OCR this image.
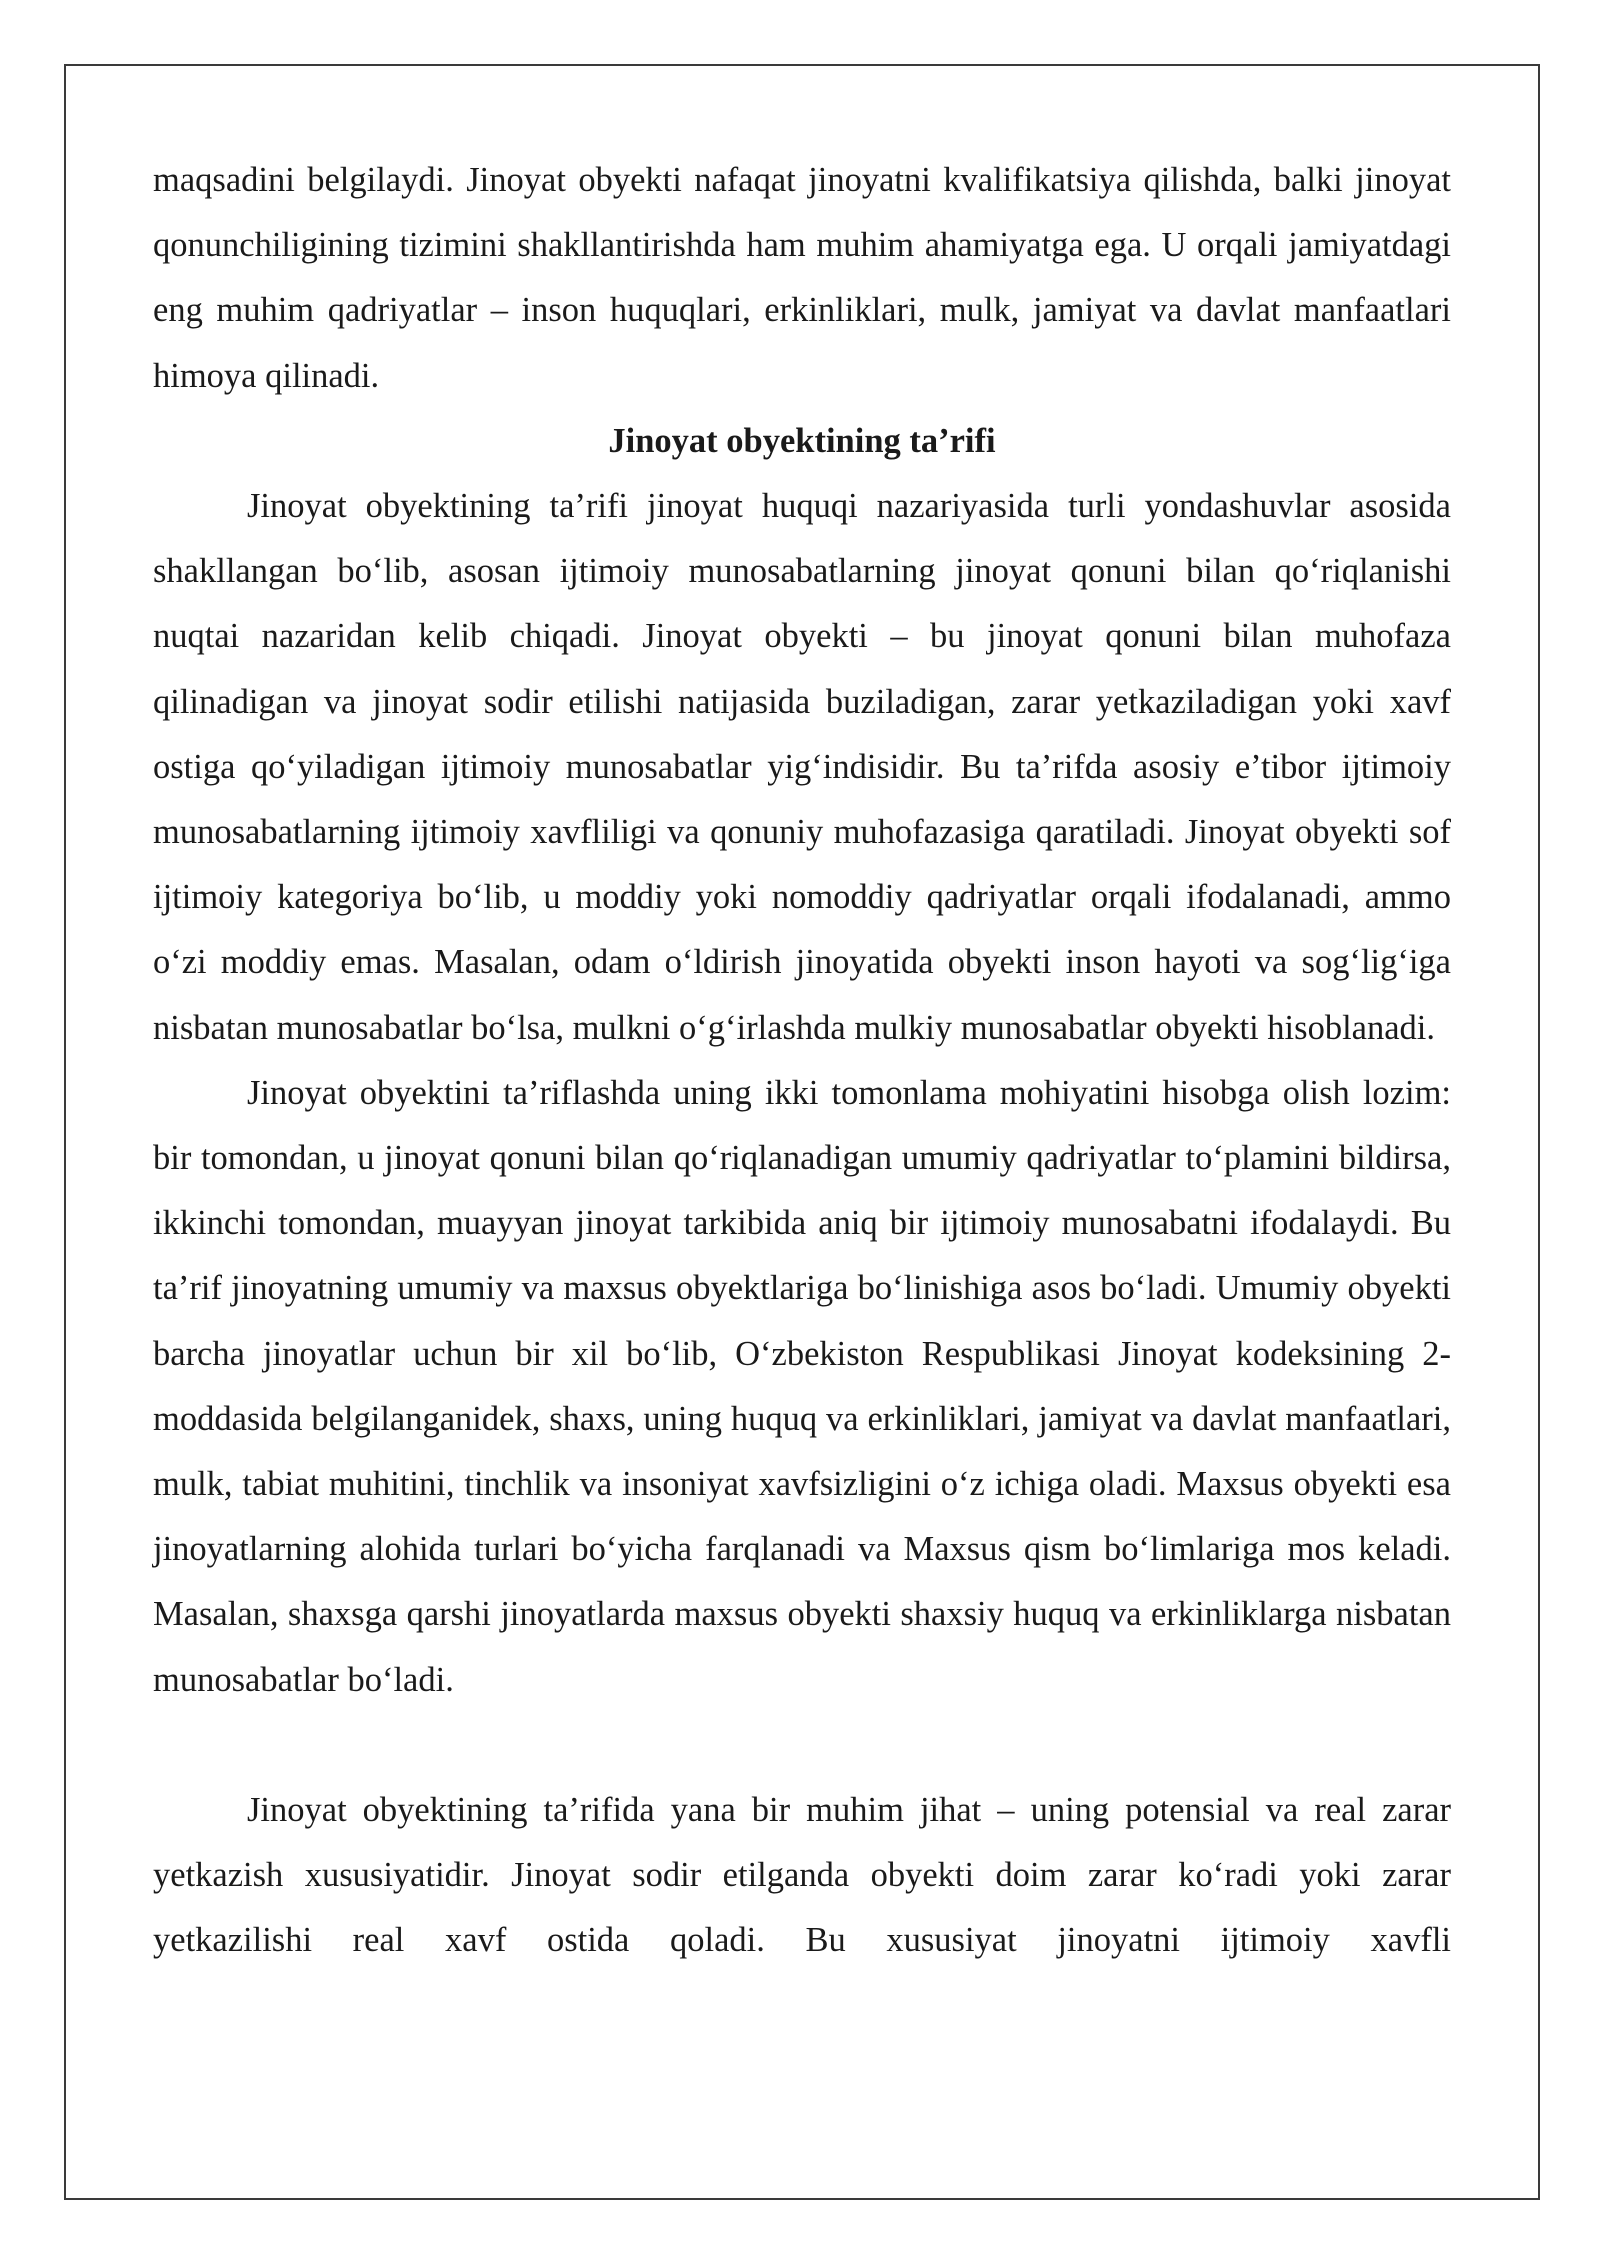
maqsadini belgilaydi. Jinoyat obyekti nafaqat jinoyatni kvalifikatsiya qilishda, balki jinoyat qonunchiligining tizimini shakllantirishda ham muhim ahamiyatga ega. U orqali jamiyatdagi eng muhim qadriyatlar – inson huquqlari, erkinliklari, mulk, jamiyat va davlat manfaatlari himoya qilinadi.

Jinoyat obyektining ta’rifi

Jinoyat obyektining ta’rifi jinoyat huquqi nazariyasida turli yondashuvlar asosida shakllangan bo‘lib, asosan ijtimoiy munosabatlarning jinoyat qonuni bilan qo‘riqlanishi nuqtai nazaridan kelib chiqadi. Jinoyat obyekti – bu jinoyat qonuni bilan muhofaza qilinadigan va jinoyat sodir etilishi natijasida buziladigan, zarar yetkaziladigan yoki xavf ostiga qo‘yiladigan ijtimoiy munosabatlar yig‘indisidir. Bu ta’rifda asosiy e’tibor ijtimoiy munosabatlarning ijtimoiy xavfliligi va qonuniy muhofazasiga qaratiladi. Jinoyat obyekti sof ijtimoiy kategoriya bo‘lib, u moddiy yoki nomoddiy qadriyatlar orqali ifodalanadi, ammo o‘zi moddiy emas. Masalan, odam o‘ldirish jinoyatida obyekti inson hayoti va sog‘lig‘iga nisbatan munosabatlar bo‘lsa, mulkni o‘g‘irlashda mulkiy munosabatlar obyekti hisoblanadi.

Jinoyat obyektini ta’riflashda uning ikki tomonlama mohiyatini hisobga olish lozim: bir tomondan, u jinoyat qonuni bilan qo‘riqlanadigan umumiy qadriyatlar to‘plamini bildirsa, ikkinchi tomondan, muayyan jinoyat tarkibida aniq bir ijtimoiy munosabatni ifodalaydi. Bu ta’rif jinoyatning umumiy va maxsus obyektlariga bo‘linishiga asos bo‘ladi. Umumiy obyekti barcha jinoyatlar uchun bir xil bo‘lib, O‘zbekiston Respublikasi Jinoyat kodeksining 2-moddasida belgilanganidek, shaxs, uning huquq va erkinliklari, jamiyat va davlat manfaatlari, mulk, tabiat muhitini, tinchlik va insoniyat xavfsizligini o‘z ichiga oladi. Maxsus obyekti esa jinoyatlarning alohida turlari bo‘yicha farqlanadi va Maxsus qism bo‘limlariga mos keladi. Masalan, shaxsga qarshi jinoyatlarda maxsus obyekti shaxsiy huquq va erkinliklarga nisbatan munosabatlar bo‘ladi.

Jinoyat obyektining ta’rifida yana bir muhim jihat – uning potensial va real zarar yetkazish xususiyatidir. Jinoyat sodir etilganda obyekti doim zarar ko‘radi yoki zarar yetkazilishi real xavf ostida qoladi. Bu xususiyat jinoyatni ijtimoiy xavfli
